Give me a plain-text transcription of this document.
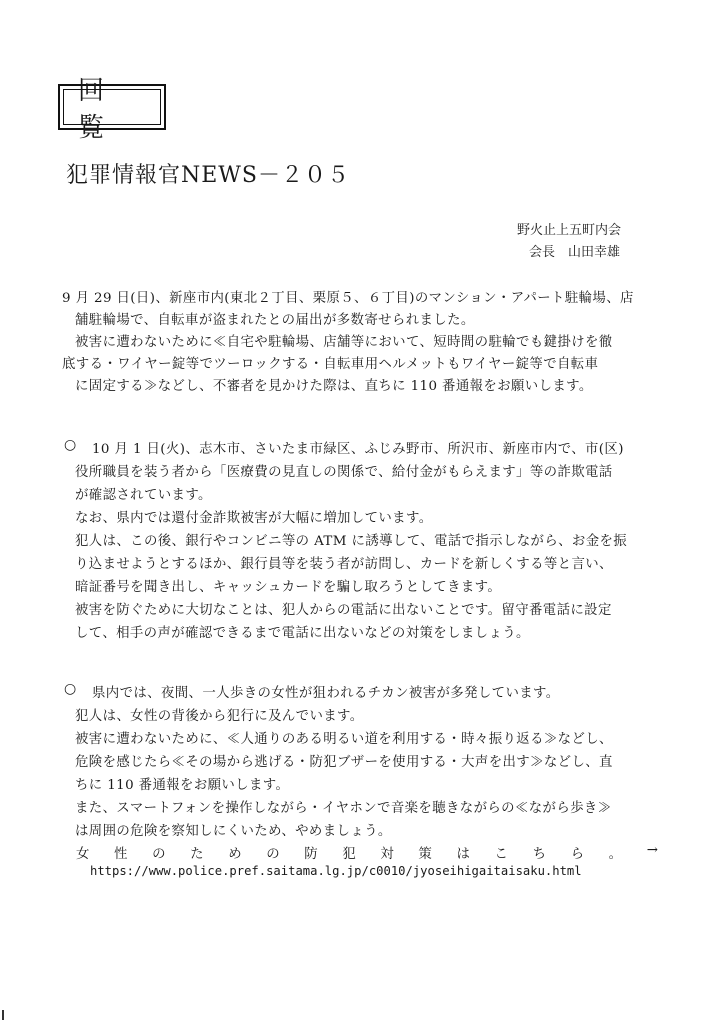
回 覧
犯罪情報官NEWS－２０５
野火止上五町内会
会長　山田幸雄
9 月 29 日(日)、新座市内(東北２丁目、栗原５、６丁目)のマンション・アパート駐輪場、店
舗駐輪場で、自転車が盗まれたとの届出が多数寄せられました。
被害に遭わないために≪自宅や駐輪場、店舗等において、短時間の駐輪でも鍵掛けを徹
底する・ワイヤー錠等でツーロックする・自転車用ヘルメットもワイヤー錠等で自転車
に固定する≫などし、不審者を見かけた際は、直ちに 110 番通報をお願いします。
○ 10 月 1 日(火)、志木市、さいたま市緑区、ふじみ野市、所沢市、新座市内で、市(区)
役所職員を装う者から「医療費の見直しの関係で、給付金がもらえます」等の詐欺電話
が確認されています。
なお、県内では還付金詐欺被害が大幅に増加しています。
犯人は、この後、銀行やコンビニ等の ATM に誘導して、電話で指示しながら、お金を振
り込ませようとするほか、銀行員等を装う者が訪問し、カードを新しくする等と言い、
暗証番号を聞き出し、キャッシュカードを騙し取ろうとしてきます。
被害を防ぐために大切なことは、犯人からの電話に出ないことです。留守番電話に設定
して、相手の声が確認できるまで電話に出ないなどの対策をしましょう。
○ 県内では、夜間、一人歩きの女性が狙われるチカン被害が多発しています。
犯人は、女性の背後から犯行に及んでいます。
被害に遭わないために、≪人通りのある明るい道を利用する・時々振り返る≫などし、
危険を感じたら≪その場から逃げる・防犯ブザーを使用する・大声を出す≫などし、直
ちに 110 番通報をお願いします。
また、スマートフォンを操作しながら・イヤホンで音楽を聴きながらの≪ながら歩き≫
は周囲の危険を察知しにくいため、やめましょう。
女 性 の た め の 防 犯 対 策 は こ ち ら 。 →
https://www.police.pref.saitama.lg.jp/c0010/jyoseihigaitaisaku.html
